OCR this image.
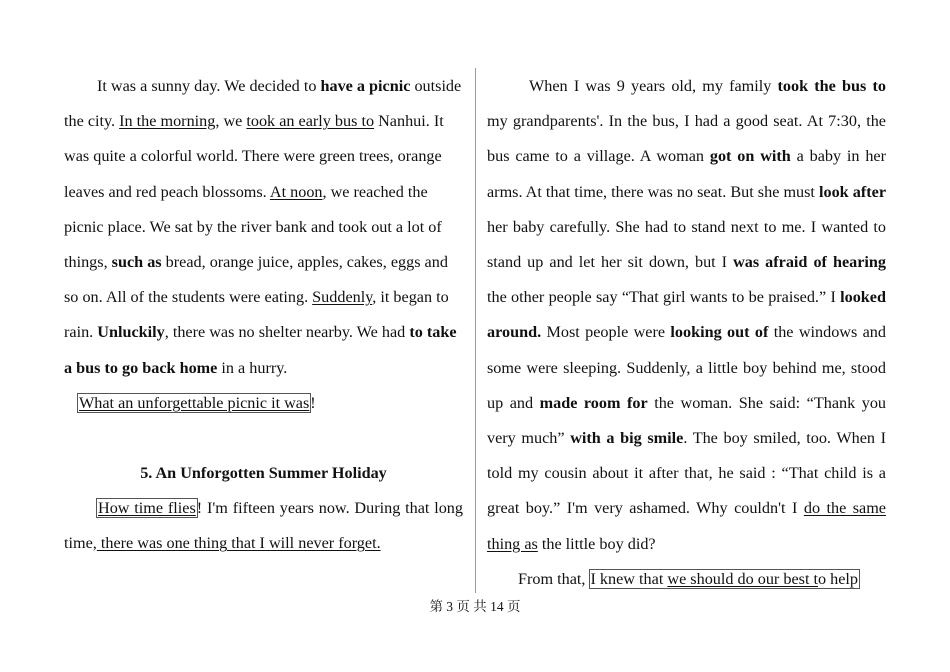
It was a sunny day. We decided to have a picnic outside the city. In the morning, we took an early bus to Nanhui. It was quite a colorful world. There were green trees, orange leaves and red peach blossoms. At noon, we reached the picnic place. We sat by the river bank and took out a lot of things, such as bread, orange juice, apples, cakes, eggs and so on. All of the students were eating. Suddenly, it began to rain. Unluckily, there was no shelter nearby. We had to take a bus to go back home in a hurry.
What an unforgettable picnic it was!
5. An Unforgotten Summer Holiday
How time flies! I'm fifteen years now. During that long time, there was one thing that I will never forget.
When I was 9 years old, my family took the bus to my grandparents'. In the bus, I had a good seat. At 7:30, the bus came to a village. A woman got on with a baby in her arms. At that time, there was no seat. But she must look after her baby carefully. She had to stand next to me. I wanted to stand up and let her sit down, but I was afraid of hearing the other people say “That girl wants to be praised.” I looked around. Most people were looking out of the windows and some were sleeping. Suddenly, a little boy behind me, stood up and made room for the woman. She said: “Thank you very much” with a big smile. The boy smiled, too. When I told my cousin about it after that, he said : “That child is a great boy.” I'm very ashamed. Why couldn't I do the same thing as the little boy did?
From that, I knew that we should do our best to help
第 3 页 共 14 页
